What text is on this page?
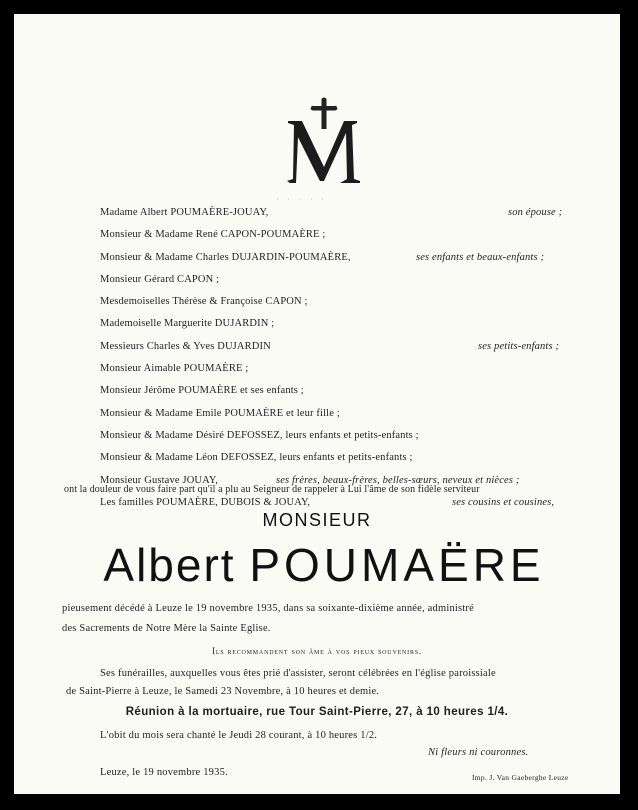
· · · · ·
Madame Albert POUMAÈRE-JOUAY,	son épouse ;
Monsieur & Madame René CAPON-POUMAÈRE ;
Monsieur & Madame Charles DUJARDIN-POUMAÈRE,	ses enfants et beaux-enfants ;
Monsieur Gérard CAPON ;
Mesdemoiselles Thérèse & Françoise CAPON ;
Mademoiselle Marguerite DUJARDIN ;
Messieurs Charles & Yves DUJARDIN	ses petits-enfants ;
Monsieur Aimable POUMAÈRE ;
Monsieur Jérôme POUMAÈRE et ses enfants ;
Monsieur & Madame Emile POUMAÈRE et leur fille ;
Monsieur & Madame Désiré DEFOSSEZ, leurs enfants et petits-enfants ;
Monsieur & Madame Léon DEFOSSEZ, leurs enfants et petits-enfants ;
Monsieur Gustave JOUAY,	ses frères, beaux-frères, belles-sœurs, neveux et nièces ;
Les familles POUMAÈRE, DUBOIS & JOUAY,	ses cousins et cousines,
ont la douleur de vous faire part qu'il a plu au Seigneur de rappeler à Lui l'âme de son fidèle serviteur
MONSIEUR
Albert POUMAËRE
pieusement décédé à Leuze le 19 novembre 1935, dans sa soixante-dixième année, administré
des Sacrements de Notre Mère la Sainte Eglise.
Ils recommandent son âme à vos pieux souvenirs.
Ses funérailles, auxquelles vous êtes prié d'assister, seront célébrées en l'église paroissiale
de Saint-Pierre à Leuze, le Samedi 23 Novembre, à 10 heures et demie.
Réunion à la mortuaire, rue Tour Saint-Pierre, 27, à 10 heures 1/4.
L'obit du mois sera chanté le Jeudi 28 courant, à 10 heures 1/2.
Ni fleurs ni couronnes.
Leuze, le 19 novembre 1935.	Imp. J. Van Gaeberghe Leuze
